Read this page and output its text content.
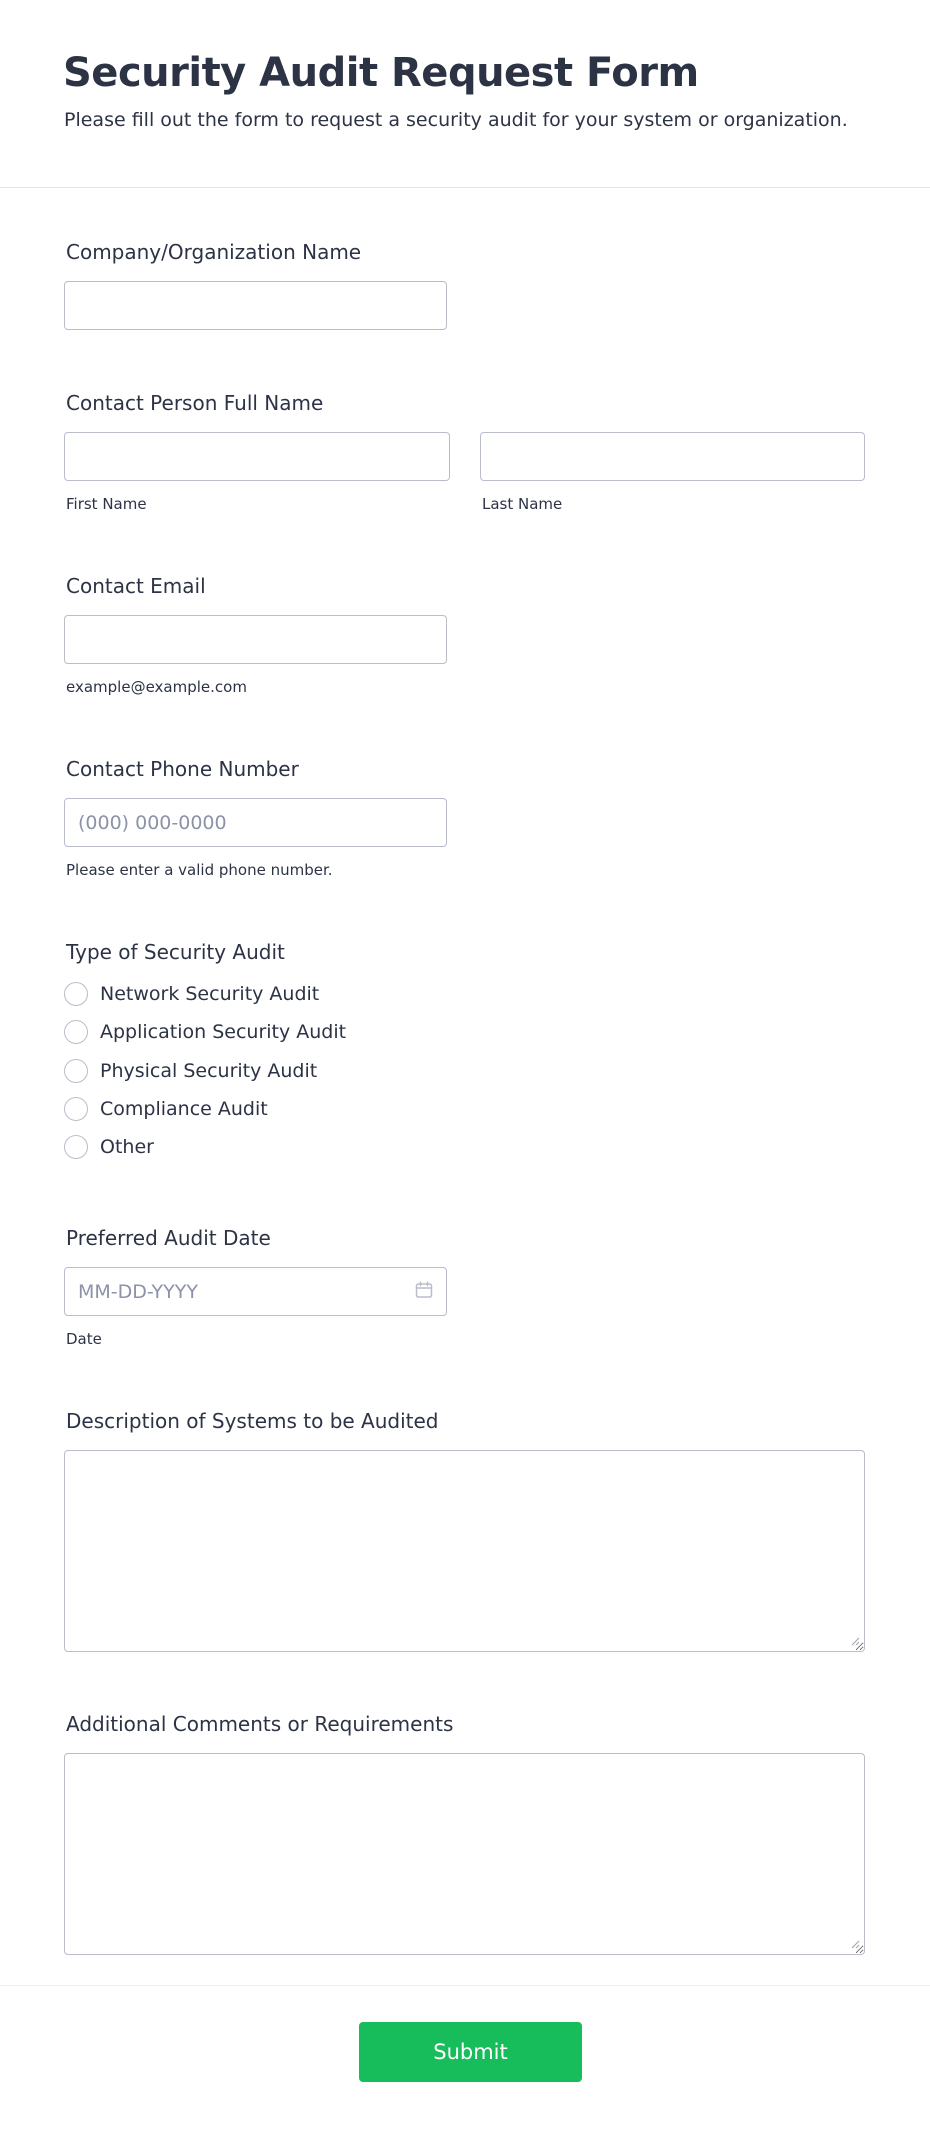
Security Audit Request Form

Please fill out the form to request a security audit for your system or organization.

Company/Organization Name
Contact Person Full Name
First Name	Last Name
Contact Email
example@example.com
Contact Phone Number
(000) 000-0000
Please enter a valid phone number.
Type of Security Audit
Network Security Audit
Application Security Audit
Physical Security Audit
Compliance Audit
Other
Preferred Audit Date
MM-DD-YYYY
Date
Description of Systems to be Audited
Additional Comments or Requirements
Submit
